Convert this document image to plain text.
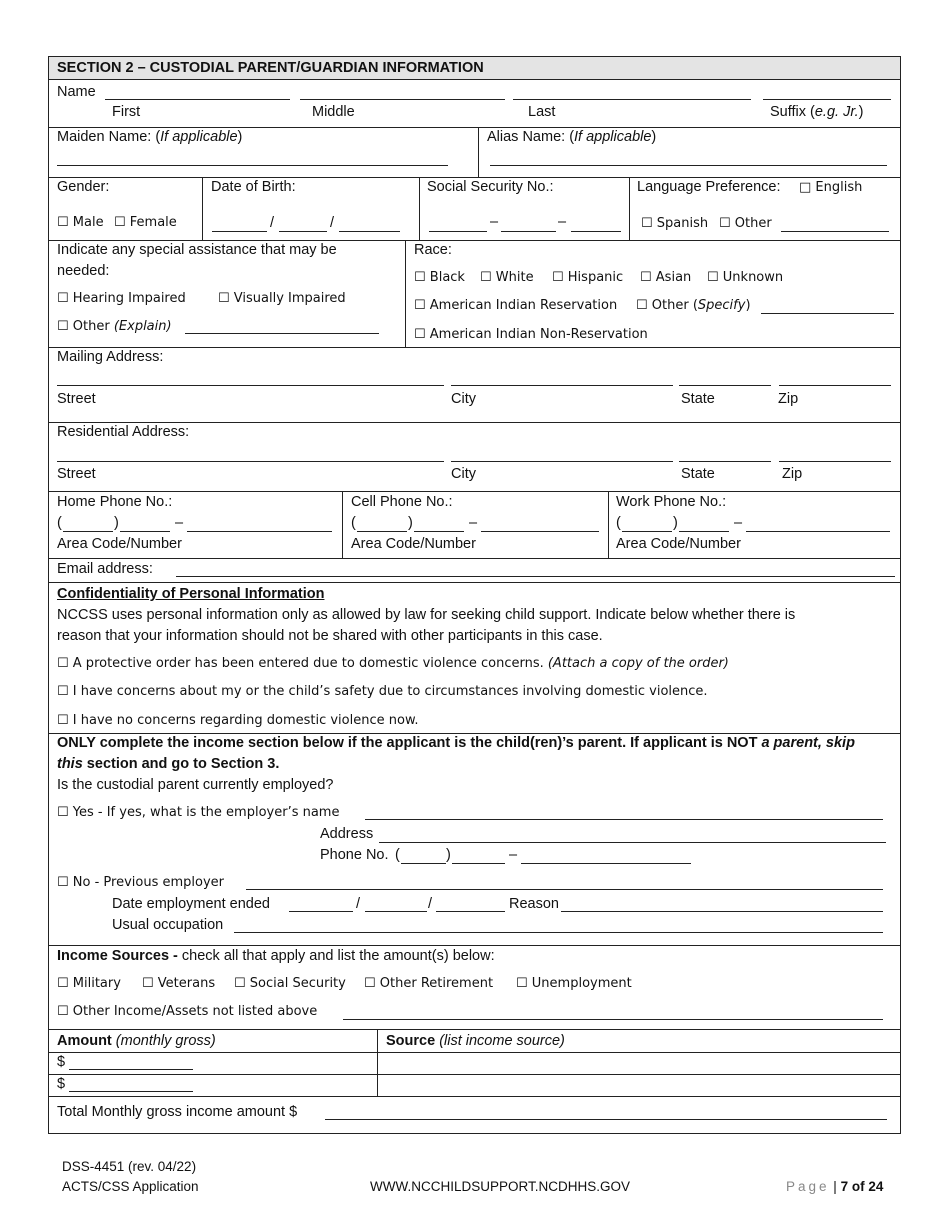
SECTION 2 – CUSTODIAL PARENT/GUARDIAN INFORMATION
Name
First	Middle	Last	Suffix (e.g. Jr.)
Maiden Name: (If applicable)	Alias Name: (If applicable)
Gender:
☐ Male ☐ Female
Date of Birth:
/	/
Social Security No.:
–	–
Language Preference: □ English
☐ Spanish ☐ Other
Indicate any special assistance that may be
needed:
☐ Hearing Impaired ☐ Visually Impaired
☐ Other (Explain)
Race:
☐ Black ☐ White ☐ Hispanic ☐ Asian ☐ Unknown
☐ American Indian Reservation ☐ Other (Specify)
☐ American Indian Non-Reservation
Mailing Address:
Street	City	State	Zip
Residential Address:
Street	City	State	Zip
Home Phone No.:
(	)	–
Area Code/Number
Cell Phone No.:
(	)	–
Area Code/Number
Work Phone No.:
(	)	–
Area Code/Number
Email address:
Confidentiality of Personal Information
NCCSS uses personal information only as allowed by law for seeking child support. Indicate below whether there is
reason that your information should not be shared with other participants in this case.
☐ A protective order has been entered due to domestic violence concerns. (Attach a copy of the order)
☐ I have concerns about my or the child’s safety due to circumstances involving domestic violence.
☐ I have no concerns regarding domestic violence now.
ONLY complete the income section below if the applicant is the child(ren)’s parent. If applicant is NOT a parent, skip
this section and go to Section 3.
Is the custodial parent currently employed?
☐ Yes - If yes, what is the employer’s name
Address
Phone No. (	)	–
☐ No - Previous employer
Date employment ended	/	/	Reason
Usual occupation
Income Sources - check all that apply and list the amount(s) below:
☐ Military ☐ Veterans ☐ Social Security ☐ Other Retirement ☐ Unemployment
☐ Other Income/Assets not listed above
Amount (monthly gross)	Source (list income source)
$
$
Total Monthly gross income amount $
DSS-4451 (rev. 04/22)
ACTS/CSS Application	WWW.NCCHILDSUPPORT.NCDHHS.GOV	Page | 7 of 24
